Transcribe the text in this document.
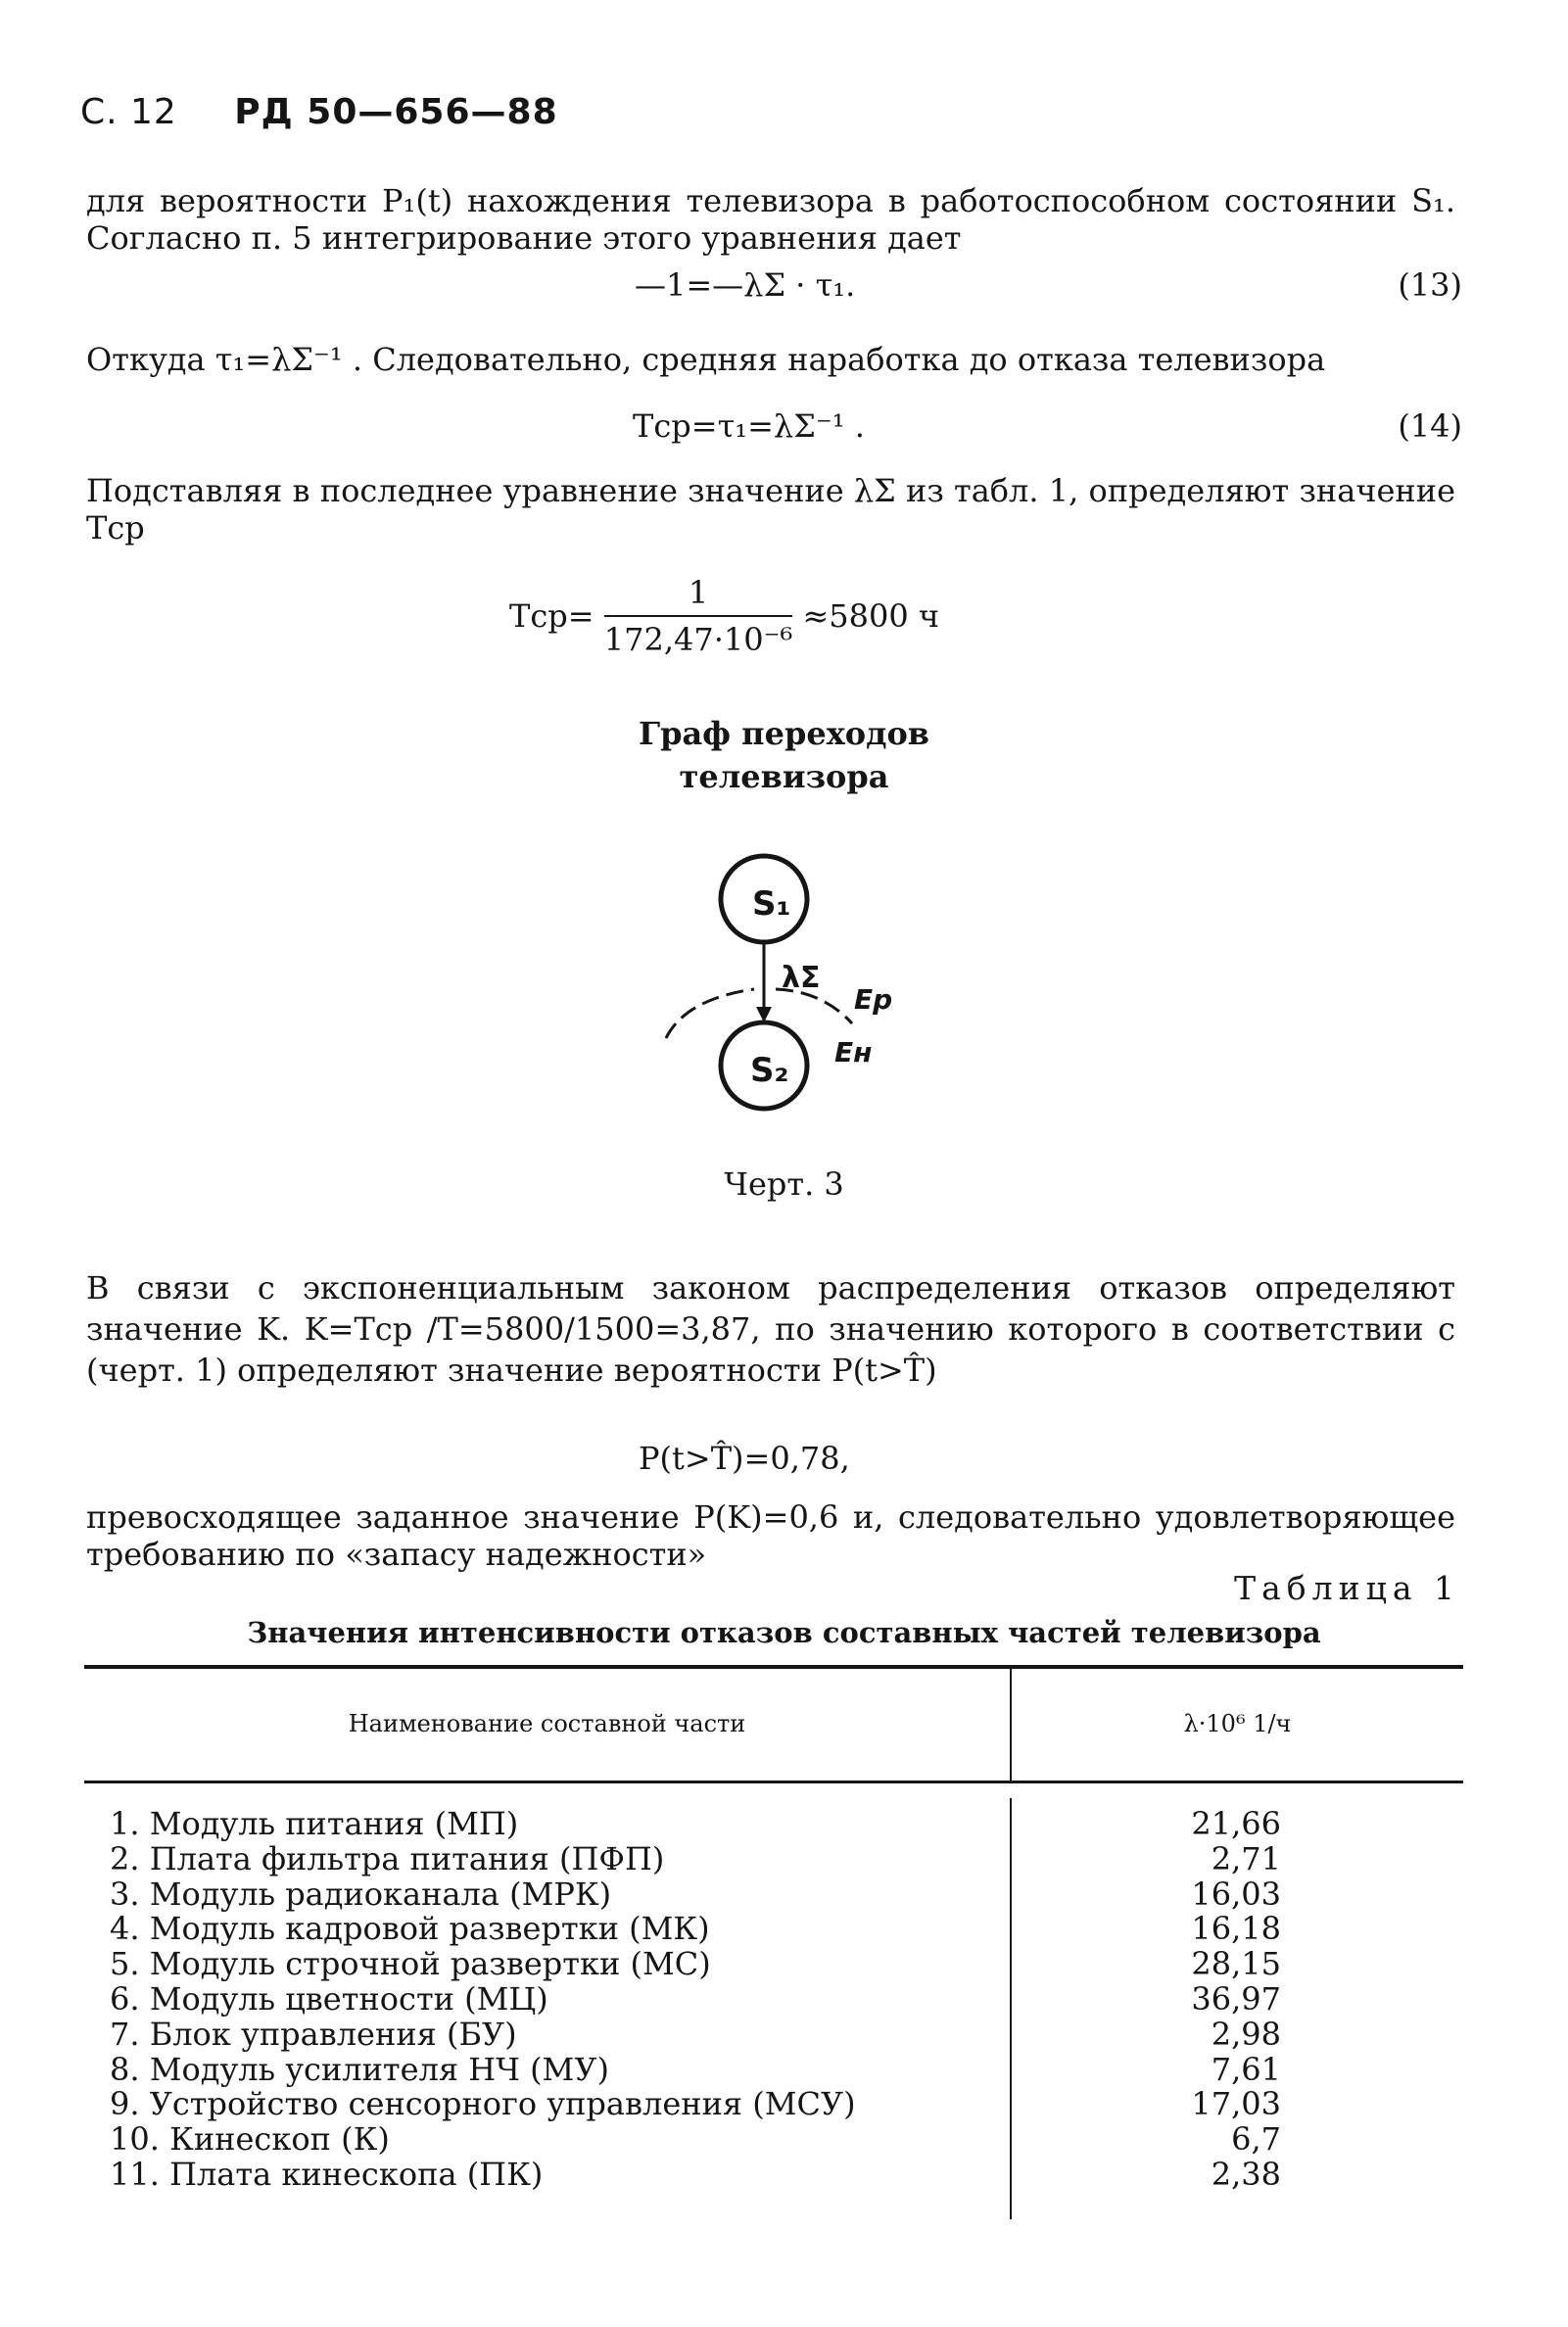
С. 12 РД 50—656—88
для вероятности P₁(t) нахождения телевизора в работоспособном состоянии S₁. Согласно п. 5 интегрирование этого уравнения дает
—1=—λΣ · τ₁.	(13)
Откуда τ₁=λΣ⁻¹ . Следовательно, средняя наработка до отказа телевизора
Tср=τ₁=λΣ⁻¹ .	(14)
Подставляя в последнее уравнение значение λΣ из табл. 1, определяют значение Tср
$Tср= \frac{1}{\text{172,47·10⁻⁶}} \approx 5800$ ч
Граф переходов
телевизора
S₁
S₂
λΣ
Eр
Eн
Черт. 3
В связи с экспоненциальным законом распределения отказов определяют значение K. K=Tср /T=5800/1500=3,87, по значению которого в соответствии с (черт. 1) определяют значение вероятности P(t>T̂)
P(t>T̂)=0,78,
превосходящее заданное значение P(K)=0,6 и, следовательно удовлетворяющее требованию по «запасу надежности»
Таблица 1
Значения интенсивности отказов составных частей телевизора
Наименование составной части	λ·10⁶ 1/ч
1. Модуль питания (МП)	21,66
2. Плата фильтра питания (ПФП)	2,71
3. Модуль радиоканала (МРК)	16,03
4. Модуль кадровой развертки (МК)	16,18
5. Модуль строчной развертки (МС)	28,15
6. Модуль цветности (МЦ)	36,97
7. Блок управления (БУ)	2,98
8. Модуль усилителя НЧ (МУ)	7,61
9. Устройство сенсорного управления (МСУ)	17,03
10. Кинескоп (К)	6,7
11. Плата кинескопа (ПК)	2,38
